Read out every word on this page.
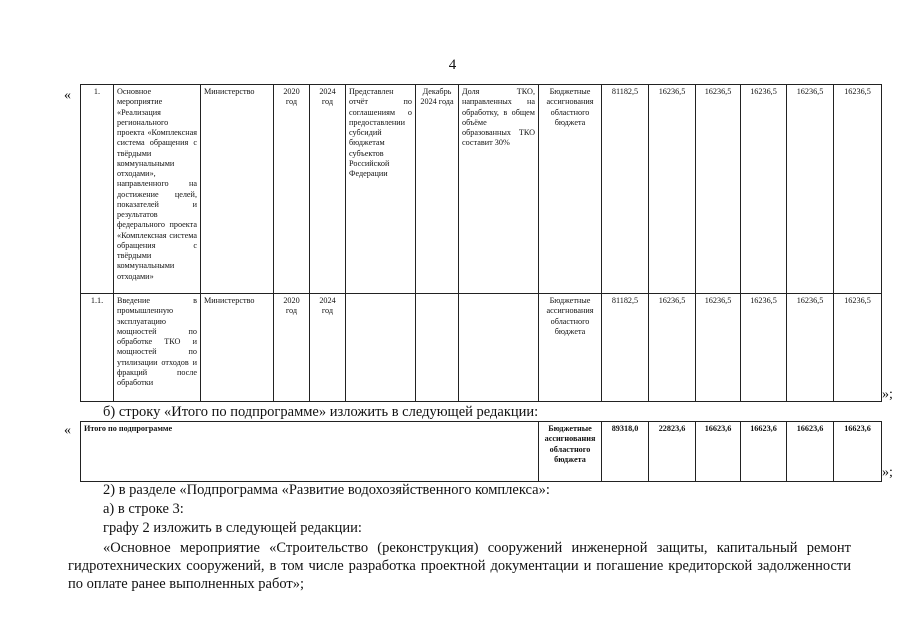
4
«	1.	Основное мероприятие «Реализация регионального проекта «Комплексная система обращения с твёрдыми коммунальными отходами», направленного на достижение целей, показателей и результатов федерального проекта «Комплексная система обращения с твёрдыми коммунальными отходами»	Министерство	2020 год	2024 год	Представлен отчёт по соглашениям о предоставлении субсидий бюджетам субъектов Российской Федерации	Декабрь 2024 года	Доля ТКО, направленных на обработку, в общем объёме образованных ТКО составит 30%	Бюджетные ассигнования областного бюджета	81182,5	16236,5	16236,5	16236,5	16236,5	16236,5
1.1.	Введение в промышленную эксплуатацию мощностей по обработке ТКО и мощностей по утилизации отходов и фракций после обработки	Министерство	2020 год	2024 год				Бюджетные ассигнования областного бюджета	81182,5	16236,5	16236,5	16236,5	16236,5	16236,5
»;
б) строку «Итого по подпрограмме» изложить в следующей редакции:
« Итого по подпрограмме	Бюджетные ассигнования областного бюджета	89318,0	22823,6	16623,6	16623,6	16623,6	16623,6
»;
2) в разделе «Подпрограмма «Развитие водохозяйственного комплекса»:
а) в строке 3:
графу 2 изложить в следующей редакции:
«Основное мероприятие «Строительство (реконструкция) сооружений инженерной защиты, капитальный ремонт гидротехнических сооружений, в том числе разработка проектной документации и погашение кредиторской задолженности по оплате ранее выполненных работ»;
